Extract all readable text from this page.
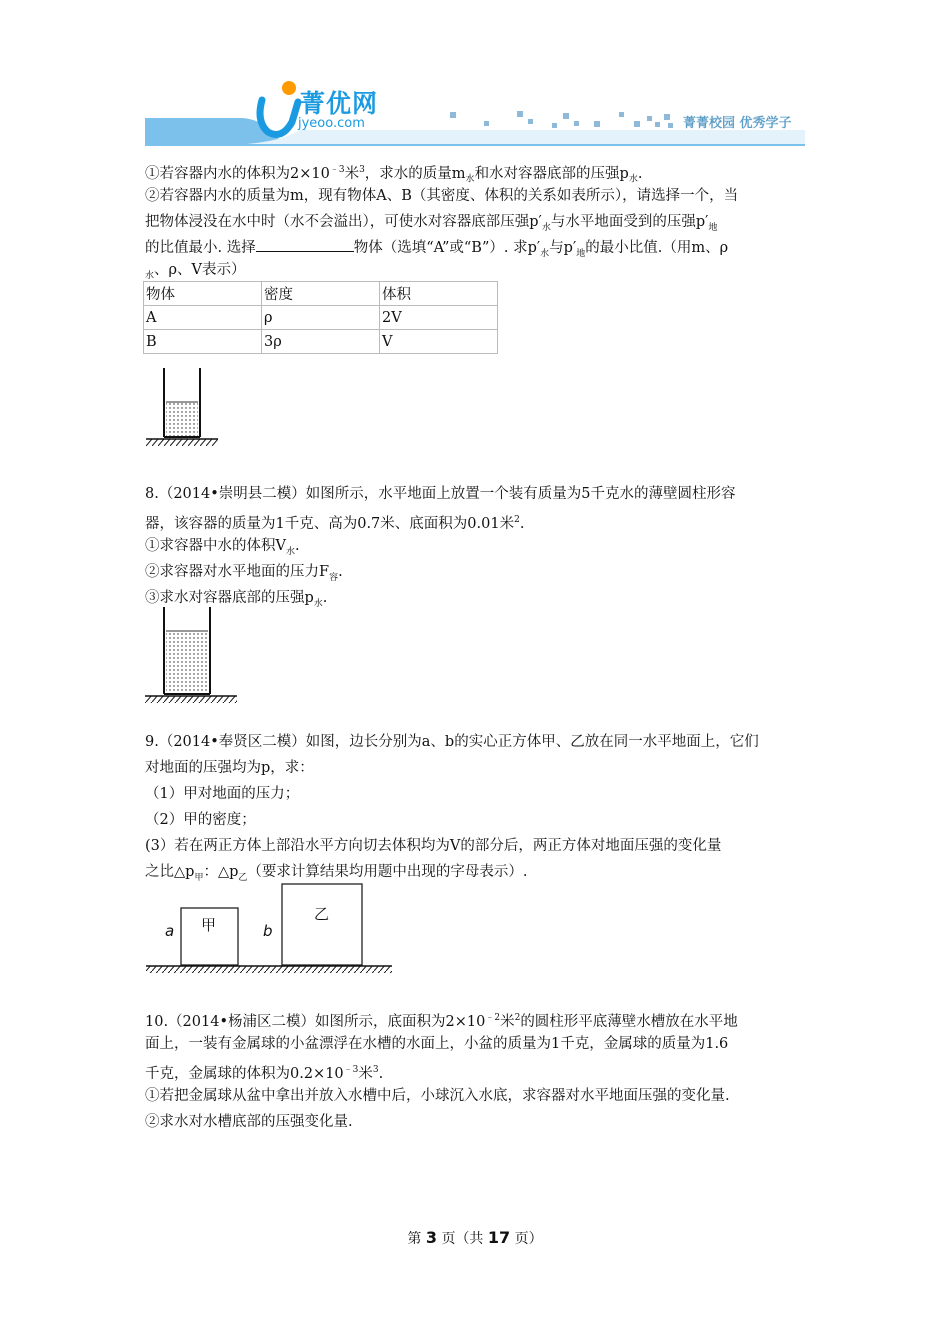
菁优网
jyeoo.com	菁菁校园 优秀学子
①若容器内水的体积为$2\times 10^{﹣3}$米$^3$，求水的质量$m_水$和水对容器底部的压强$p_水$.
②若容器内水的质量为m，现有物体A、B（其密度、体积的关系如表所示），请选择一个，当
把物体浸没在水中时（水不会溢出），可使水对容器底部压强$p'_水$与水平地面受到的压强$p'_地$
的比值最小. 选择	物体（选填“A”或“B”）. 求$p'_水$与$p'_地$的最小比值.（用m、ρ
$_水$、ρ、V表示）
物体	密度	体积
A	ρ	2V
B	3ρ	V
8.（2014•崇明县二模）如图所示，水平地面上放置一个装有质量为5千克水的薄壁圆柱形容
器，该容器的质量为1千克、高为0.7米、底面积为0.01米$^2$.
①求容器中水的体积$V_水$.
②求容器对水平地面的压力$F_容$.
③求水对容器底部的压强$p_水$.
9.（2014•奉贤区二模）如图，边长分别为a、b的实心正方体甲、乙放在同一水平地面上，它们
对地面的压强均为p，求：
（1）甲对地面的压力；
（2）甲的密度；
(3）若在两正方体上部沿水平方向切去体积均为V的部分后，两正方体对地面压强的变化量
之比$\triangle p_甲$：$\triangle p_乙$（要求计算结果均用题中出现的字母表示）.
a 甲	b
乙
10.（2014•杨浦区二模）如图所示，底面积为$2\times 10^{﹣2}$米$^2$的圆柱形平底薄壁水槽放在水平地
面上，一装有金属球的小盆漂浮在水槽的水面上，小盆的质量为1千克，金属球的质量为1.6
千克，金属球的体积为$0.2\times 10^{﹣3}$米$^3$.
①若把金属球从盆中拿出并放入水槽中后，小球沉入水底，求容器对水平地面压强的变化量.
②求水对水槽底部的压强变化量.
第 3 页（共 17 页）
